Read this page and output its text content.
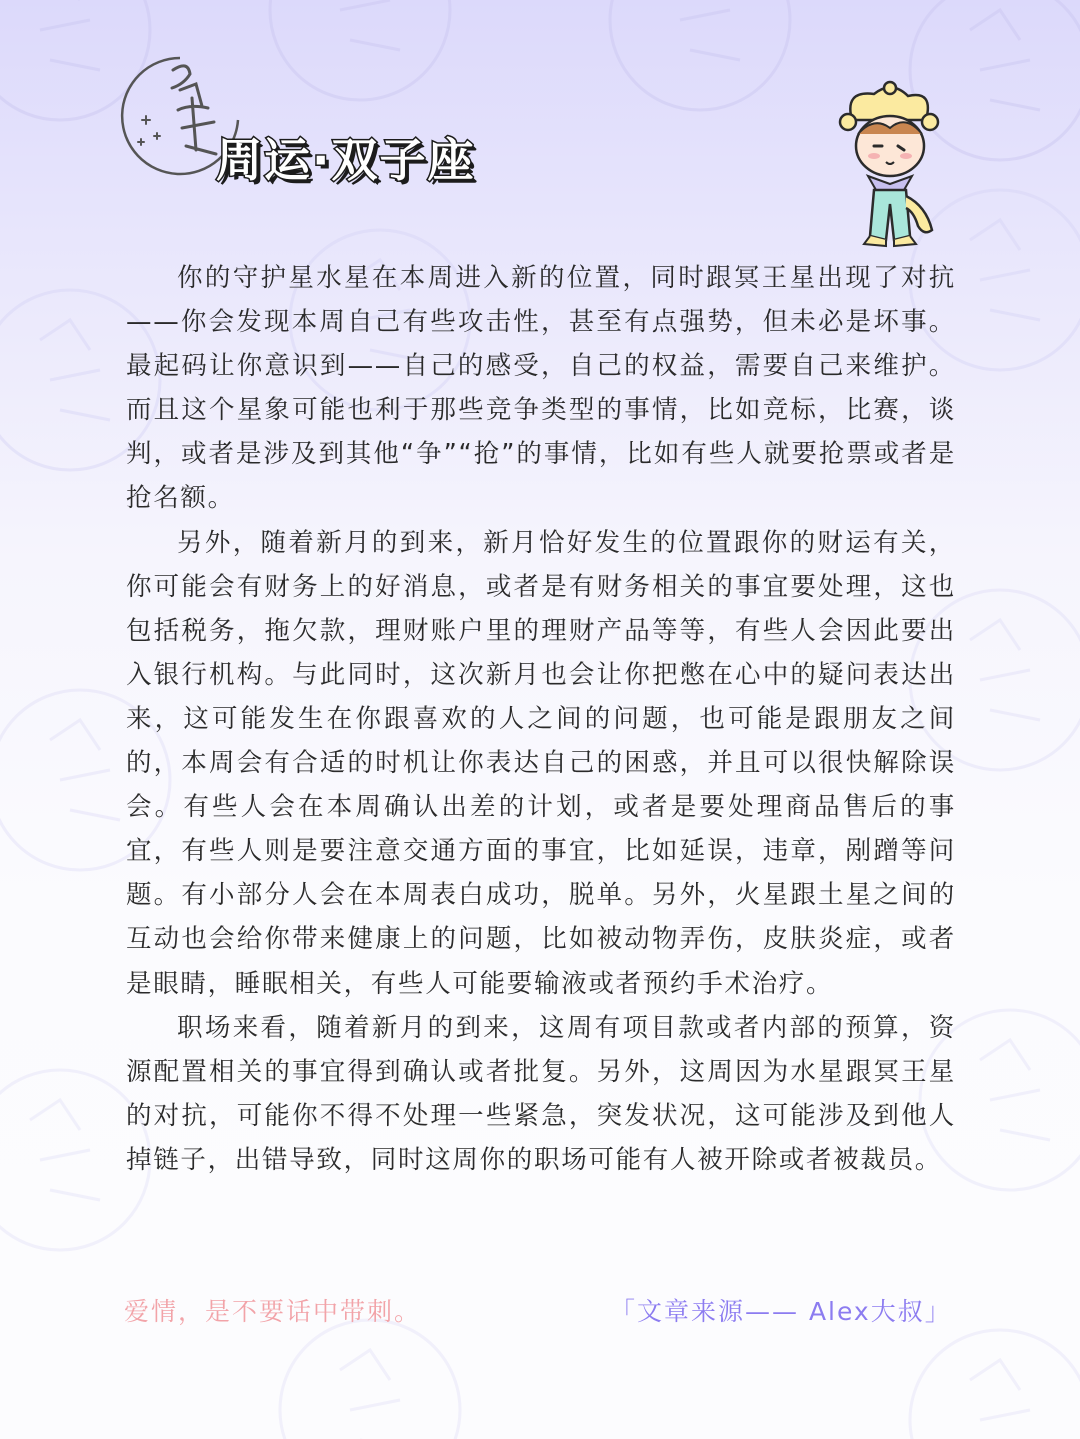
周运·双子座

你的守护星水星在本周进入新的位置，同时跟冥王星出现了对抗——你会发现本周自己有些攻击性，甚至有点强势，但未必是坏事。最起码让你意识到——自己的感受，自己的权益，需要自己来维护。而且这个星象可能也利于那些竞争类型的事情，比如竞标，比赛，谈判，或者是涉及到其他“争”“抢”的事情，比如有些人就要抢票或者是抢名额。

另外，随着新月的到来，新月恰好发生的位置跟你的财运有关，你可能会有财务上的好消息，或者是有财务相关的事宜要处理，这也包括税务，拖欠款，理财账户里的理财产品等等，有些人会因此要出入银行机构。与此同时，这次新月也会让你把憋在心中的疑问表达出来，这可能发生在你跟喜欢的人之间的问题，也可能是跟朋友之间的，本周会有合适的时机让你表达自己的困惑，并且可以很快解除误会。有些人会在本周确认出差的计划，或者是要处理商品售后的事宜，有些人则是要注意交通方面的事宜，比如延误，违章，剐蹭等问题。有小部分人会在本周表白成功，脱单。另外，火星跟土星之间的互动也会给你带来健康上的问题，比如被动物弄伤，皮肤炎症，或者是眼睛，睡眠相关，有些人可能要输液或者预约手术治疗。

职场来看，随着新月的到来，这周有项目款或者内部的预算，资源配置相关的事宜得到确认或者批复。另外，这周因为水星跟冥王星的对抗，可能你不得不处理一些紧急，突发状况，这可能涉及到他人掉链子，出错导致，同时这周你的职场可能有人被开除或者被裁员。

爱情，是不要话中带刺。	「文章来源—— Alex大叔」
